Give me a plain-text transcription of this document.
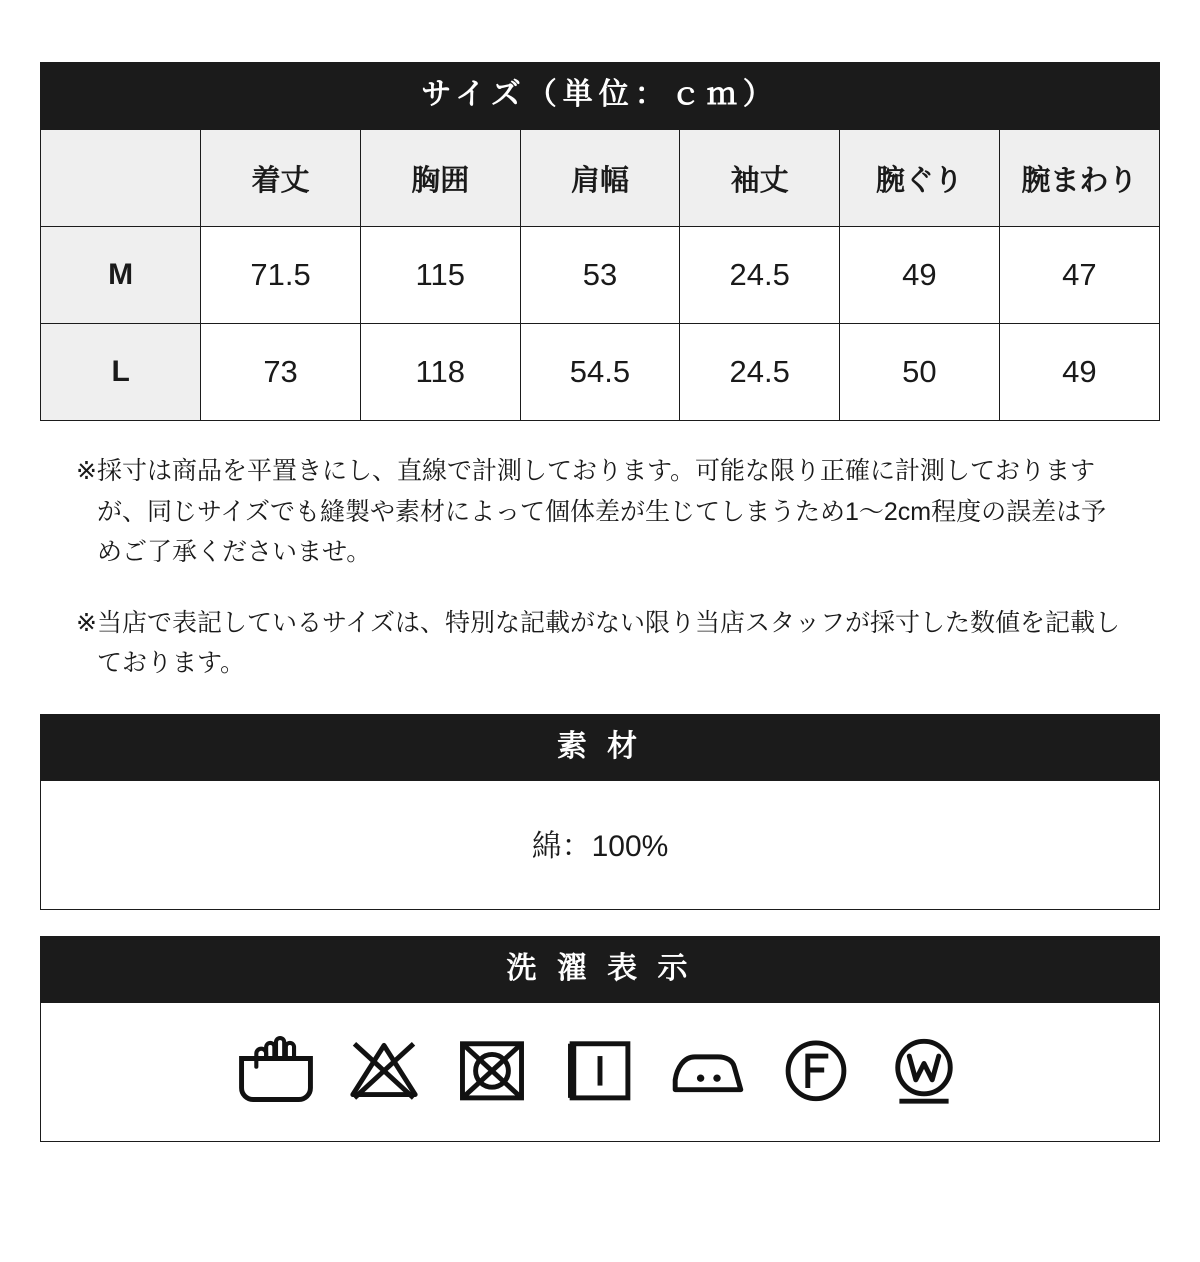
サイズ（単位：ｃｍ）
	着丈	胸囲	肩幅	袖丈	腕ぐり	腕まわり
M	71.5	115	53	24.5	49	47
L	73	118	54.5	24.5	50	49

※ 採寸は商品を平置きにし、直線で計測しております。可能な限り正確に計測しておりますが、同じサイズでも縫製や素材によって個体差が生じてしまうため1〜2cm程度の誤差は予めご了承くださいませ。

※ 当店で表記しているサイズは、特別な記載がない限り当店スタッフが採寸した数値を記載しております。

素 材
綿：100%
洗 濯 表 示
